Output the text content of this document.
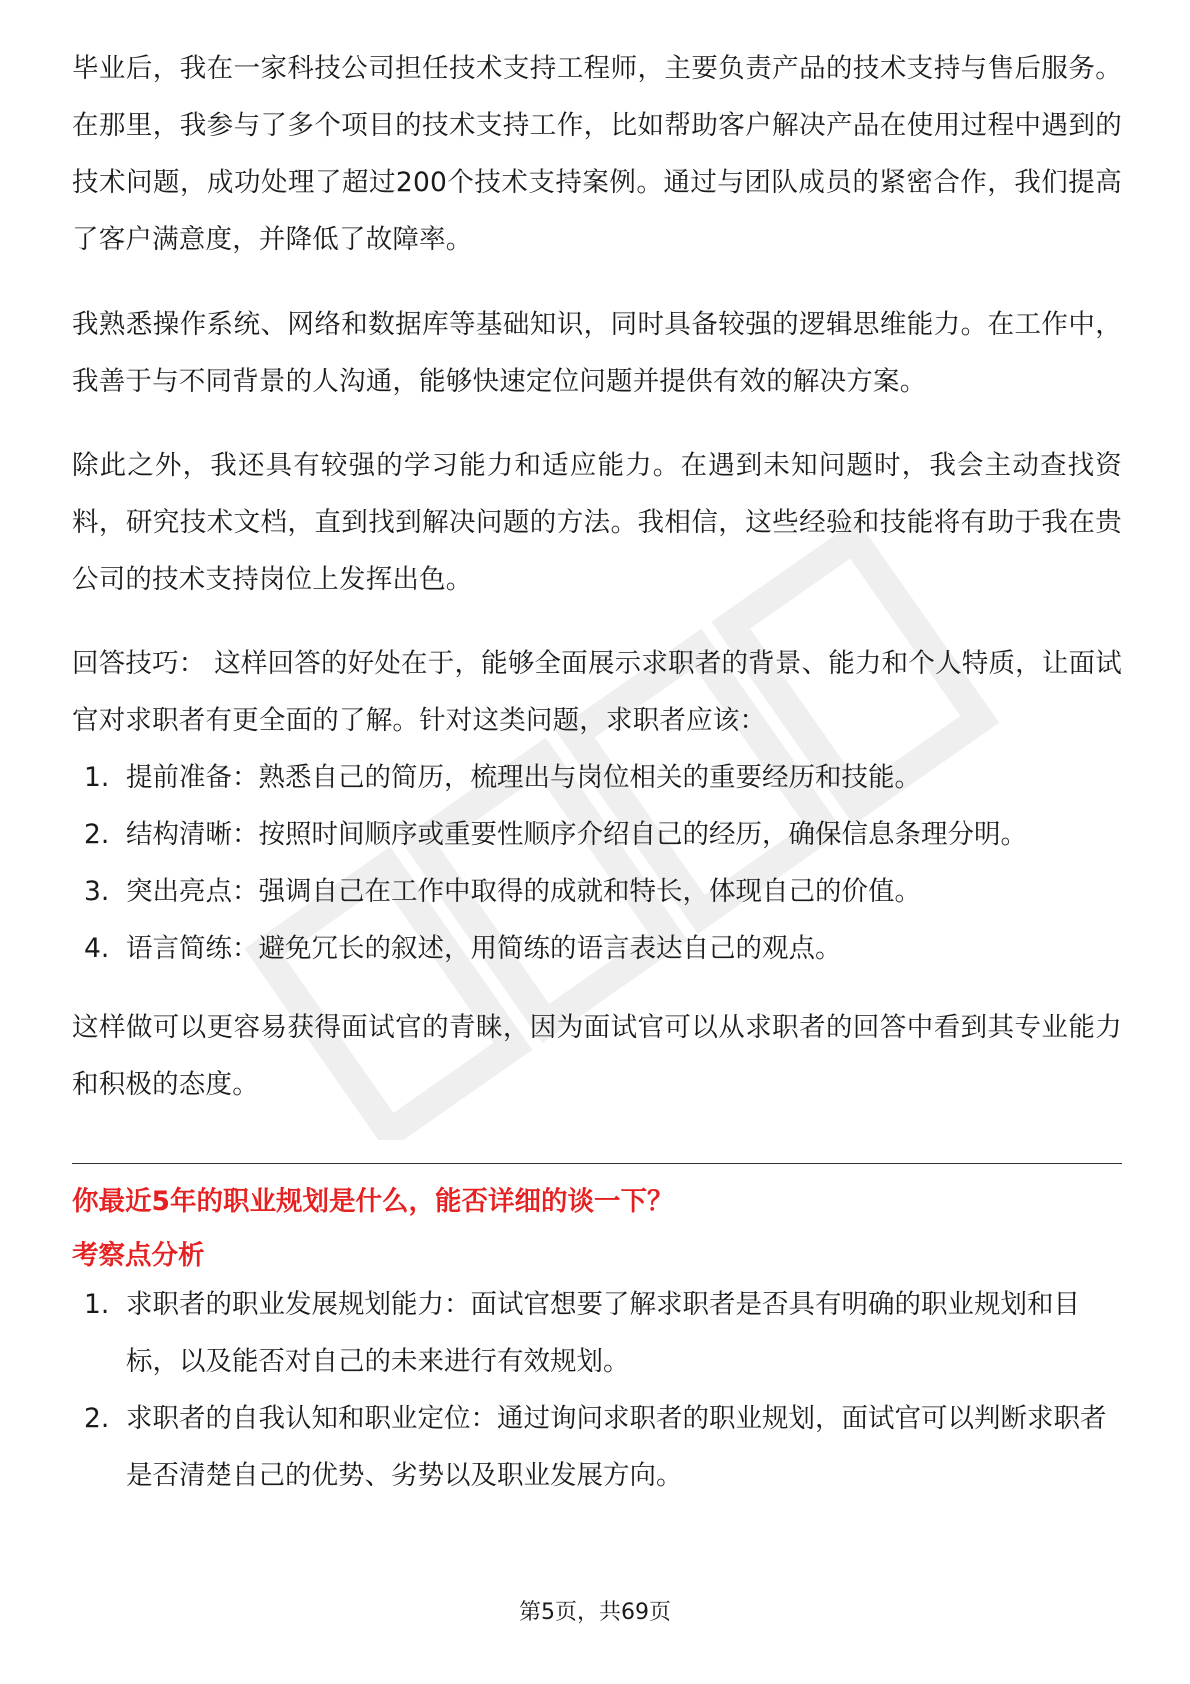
毕业后，我在一家科技公司担任技术支持工程师，主要负责产品的技术支持与售后服务。在那里，我参与了多个项目的技术支持工作，比如帮助客户解决产品在使用过程中遇到的技术问题，成功处理了超过200个技术支持案例。通过与团队成员的紧密合作，我们提高了客户满意度，并降低了故障率。

我熟悉操作系统、网络和数据库等基础知识，同时具备较强的逻辑思维能力。在工作中，我善于与不同背景的人沟通，能够快速定位问题并提供有效的解决方案。

除此之外，我还具有较强的学习能力和适应能力。在遇到未知问题时，我会主动查找资料，研究技术文档，直到找到解决问题的方法。我相信，这些经验和技能将有助于我在贵公司的技术支持岗位上发挥出色。

回答技巧： 这样回答的好处在于，能够全面展示求职者的背景、能力和个人特质，让面试官对求职者有更全面的了解。针对这类问题，求职者应该：

1. 提前准备：熟悉自己的简历，梳理出与岗位相关的重要经历和技能。
2. 结构清晰：按照时间顺序或重要性顺序介绍自己的经历，确保信息条理分明。
3. 突出亮点：强调自己在工作中取得的成就和特长，体现自己的价值。
4. 语言简练：避免冗长的叙述，用简练的语言表达自己的观点。

这样做可以更容易获得面试官的青睐，因为面试官可以从求职者的回答中看到其专业能力和积极的态度。

你最近5年的职业规划是什么，能否详细的谈一下？
考察点分析
1. 求职者的职业发展规划能力：面试官想要了解求职者是否具有明确的职业规划和目标，以及能否对自己的未来进行有效规划。
2. 求职者的自我认知和职业定位：通过询问求职者的职业规划，面试官可以判断求职者是否清楚自己的优势、劣势以及职业发展方向。
第5页，共69页
